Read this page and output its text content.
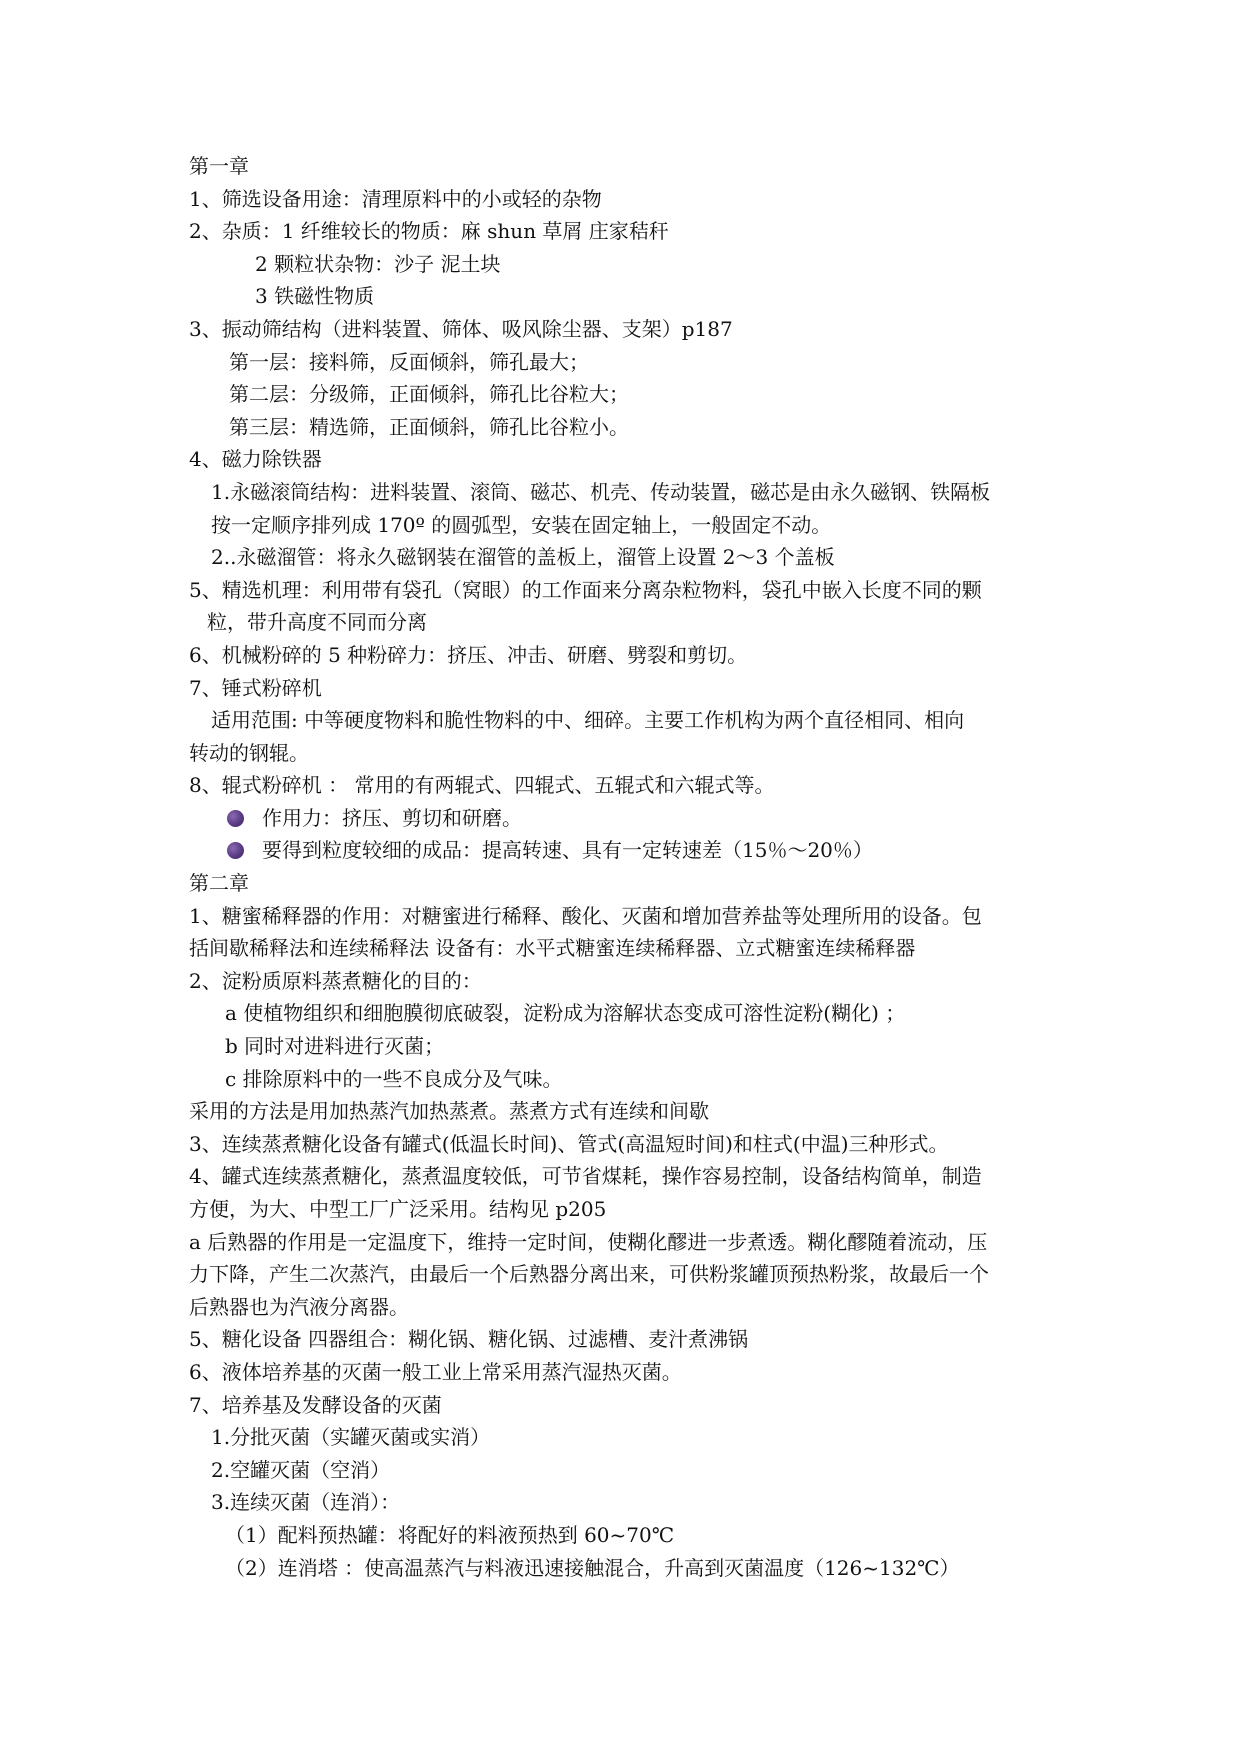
第一章
1、筛选设备用途：清理原料中的小或轻的杂物
2、杂质：1 纤维较长的物质：麻 shun 草屑 庄家秸秆
2 颗粒状杂物：沙子 泥土块
3 铁磁性物质
3、振动筛结构（进料装置、筛体、吸风除尘器、支架）p187
第一层：接料筛，反面倾斜，筛孔最大；
第二层：分级筛，正面倾斜，筛孔比谷粒大；
第三层：精选筛，正面倾斜，筛孔比谷粒小。
4、磁力除铁器
1.永磁滚筒结构：进料装置、滚筒、磁芯、机壳、传动装置，磁芯是由永久磁钢、铁隔板
按一定顺序排列成 170º 的圆弧型，安装在固定轴上，一般固定不动。
2..永磁溜管：将永久磁钢装在溜管的盖板上，溜管上设置 2～3 个盖板
5、精选机理：利用带有袋孔（窝眼）的工作面来分离杂粒物料，袋孔中嵌入长度不同的颗
粒，带升高度不同而分离
6、机械粉碎的 5 种粉碎力：挤压、冲击、研磨、劈裂和剪切。
7、锤式粉碎机
适用范围: 中等硬度物料和脆性物料的中、细碎。主要工作机构为两个直径相同、相向
转动的钢辊。
8、辊式粉碎机 ： 常用的有两辊式、四辊式、五辊式和六辊式等。
作用力：挤压、剪切和研磨。
要得到粒度较细的成品：提高转速、具有一定转速差（15％～20％）
第二章
1、糖蜜稀释器的作用：对糖蜜进行稀释、酸化、灭菌和增加营养盐等处理所用的设备。包
括间歇稀释法和连续稀释法 设备有：水平式糖蜜连续稀释器、立式糖蜜连续稀释器
2、淀粉质原料蒸煮糖化的目的：
a 使植物组织和细胞膜彻底破裂，淀粉成为溶解状态变成可溶性淀粉(糊化) ；
b 同时对进料进行灭菌；
c 排除原料中的一些不良成分及气味。
采用的方法是用加热蒸汽加热蒸煮。蒸煮方式有连续和间歇
3、连续蒸煮糖化设备有罐式(低温长时间)、管式(高温短时间)和柱式(中温)三种形式。
4、罐式连续蒸煮糖化，蒸煮温度较低，可节省煤耗，操作容易控制，设备结构简单，制造
方便，为大、中型工厂广泛采用。结构见 p205
a 后熟器的作用是一定温度下，维持一定时间，使糊化醪进一步煮透。糊化醪随着流动，压
力下降，产生二次蒸汽，由最后一个后熟器分离出来，可供粉浆罐顶预热粉浆，故最后一个
后熟器也为汽液分离器。
5、糖化设备 四器组合：糊化锅、糖化锅、过滤槽、麦汁煮沸锅
6、液体培养基的灭菌一般工业上常采用蒸汽湿热灭菌。
7、培养基及发酵设备的灭菌
1.分批灭菌（实罐灭菌或实消）
2.空罐灭菌（空消）
3.连续灭菌（连消）：
（1）配料预热罐：将配好的料液预热到 60~70℃
（2）连消塔 ：使高温蒸汽与料液迅速接触混合，升高到灭菌温度（126~132℃）
